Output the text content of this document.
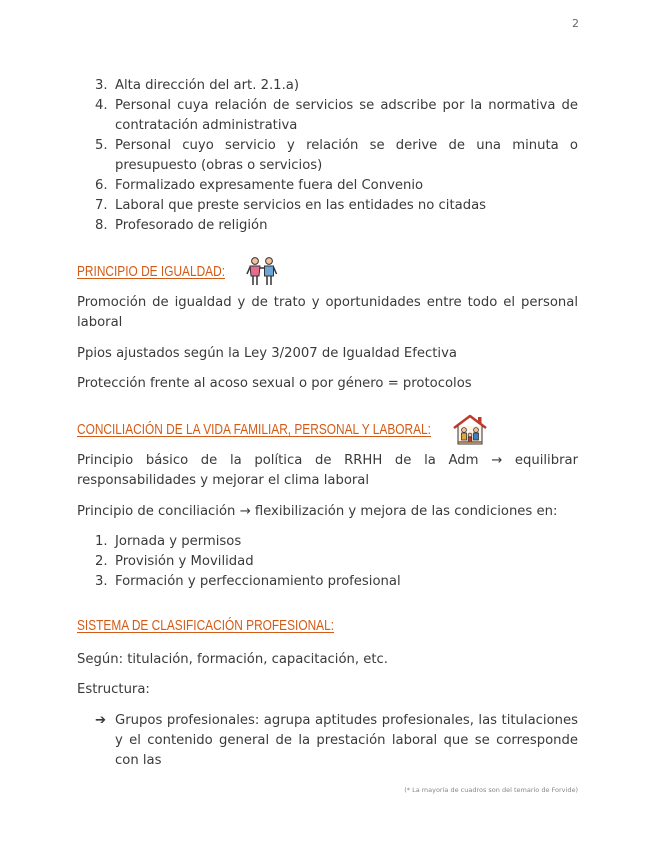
2
3. Alta dirección del art. 2.1.a)
4. Personal cuya relación de servicios se adscribe por la normativa de contratación administrativa
5. Personal cuyo servicio y relación se derive de una minuta o presupuesto (obras o servicios)
6. Formalizado expresamente fuera del Convenio
7. Laboral que preste servicios en las entidades no citadas
8. Profesorado de religión
PRINCIPIO DE IGUALDAD:
Promoción de igualdad y de trato y oportunidades entre todo el personal laboral
Ppios ajustados según la Ley 3/2007 de Igualdad Efectiva
Protección frente al acoso sexual o por género = protocolos
CONCILIACIÓN DE LA VIDA FAMILIAR, PERSONAL Y LABORAL:
Principio básico de la política de RRHH de la Adm → equilibrar responsabilidades y mejorar el clima laboral
Principio de conciliación → flexibilización y mejora de las condiciones en:
1. Jornada y permisos
2. Provisión y Movilidad
3. Formación y perfeccionamiento profesional
SISTEMA DE CLASIFICACIÓN PROFESIONAL:
Según: titulación, formación, capacitación, etc.
Estructura:
➔ Grupos profesionales: agrupa aptitudes profesionales, las titulaciones y el contenido general de la prestación laboral que se corresponde con las
(* La mayoría de cuadros son del temario de Forvide)
